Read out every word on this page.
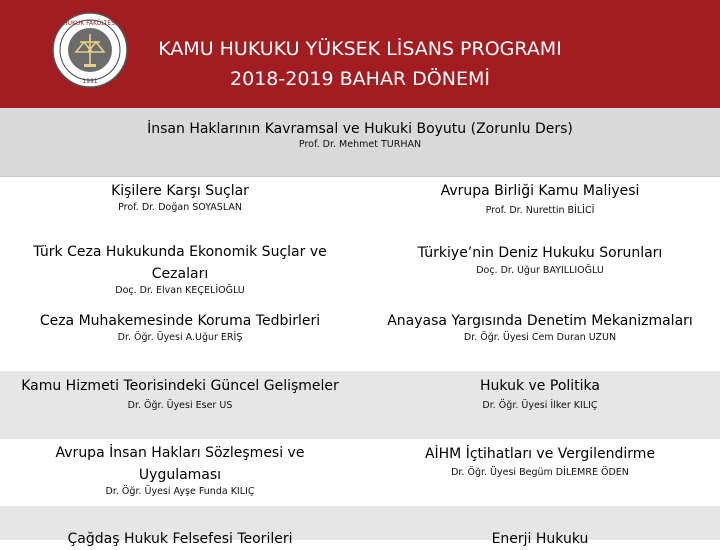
HUKUK FAKÜLTESİ
1991
KAMU HUKUKU YÜKSEK LİSANS PROGRAMI
2018-2019 BAHAR DÖNEMİ
İnsan Haklarının Kavramsal ve Hukuki Boyutu (Zorunlu Ders)
Prof. Dr. Mehmet TURHAN
Kişilere Karşı Suçlar
Prof. Dr. Doğan SOYASLAN
Türk Ceza Hukukunda Ekonomik Suçlar ve
Cezaları
Doç. Dr. Elvan KEÇELİOĞLU
Ceza Muhakemesinde Koruma Tedbirleri
Dr. Öğr. Üyesi A.Uğur ERİŞ
Kamu Hizmeti Teorisindeki Güncel Gelişmeler
Dr. Öğr. Üyesi Eser US
Avrupa İnsan Hakları Sözleşmesi ve
Uygulaması
Dr. Öğr. Üyesi Ayşe Funda KILIÇ
Çağdaş Hukuk Felsefesi Teorileri
Avrupa Birliği Kamu Maliyesi
Prof. Dr. Nurettin BİLİCİ
Türkiye’nin Deniz Hukuku Sorunları
Doç. Dr. Uğur BAYILLIOĞLU
Anayasa Yargısında Denetim Mekanizmaları
Dr. Öğr. Üyesi Cem Duran UZUN
Hukuk ve Politika
Dr. Öğr. Üyesi İlker KILIÇ
AİHM İçtihatları ve Vergilendirme
Dr. Öğr. Üyesi Begüm DİLEMRE ÖDEN
Enerji Hukuku
